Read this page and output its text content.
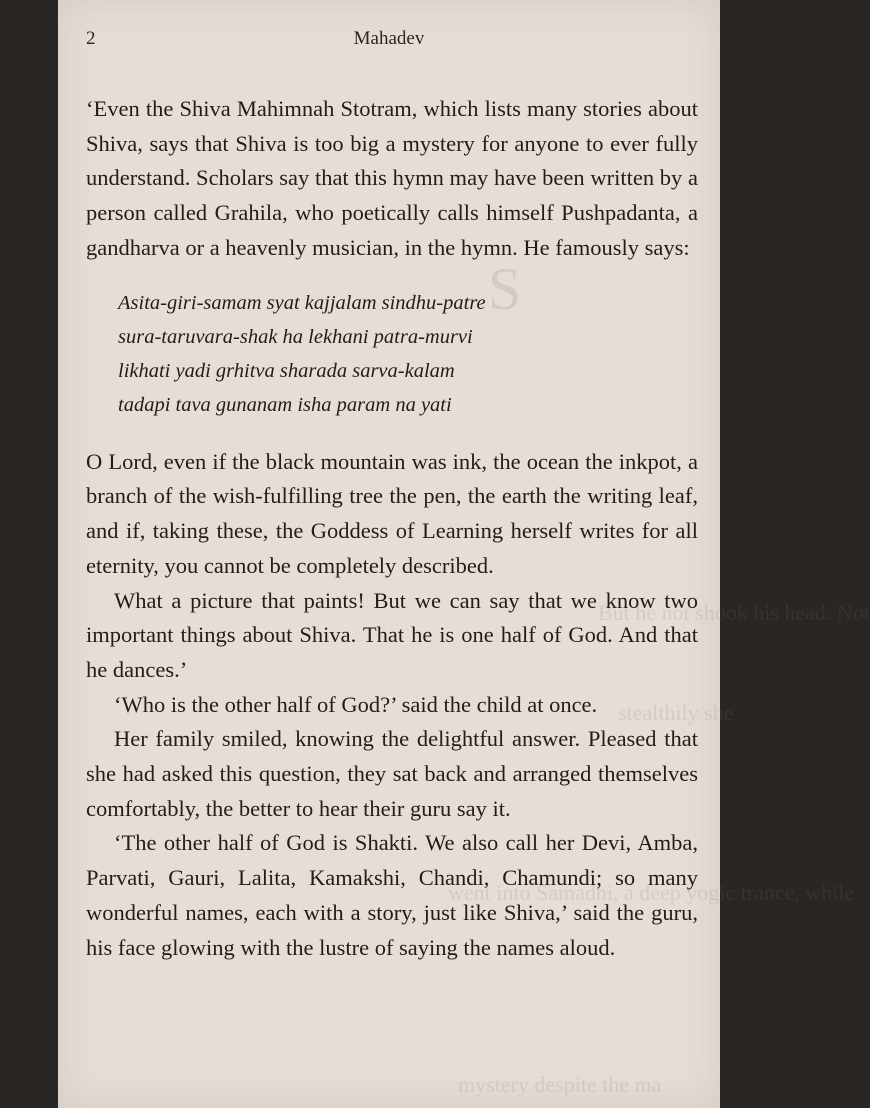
S
But he not shook his head. Not
stealthily she
went into Samadhi, a deep yogic trance, while
mystery despite the ma
2	Mahadev

‘Even the Shiva Mahimnah Stotram, which lists many stories about Shiva, says that Shiva is too big a mystery for anyone to ever fully understand. Scholars say that this hymn may have been written by a person called Grahila, who poetically calls himself Pushpadanta, a gandharva or a heavenly musician, in the hymn. He famously says:

Asita-giri-samam syat kajjalam sindhu-patre
sura-taruvara-shak ha lekhani patra-murvi
likhati yadi grhitva sharada sarva-kalam
tadapi tava gunanam isha param na yati

O Lord, even if the black mountain was ink, the ocean the inkpot, a branch of the wish-fulfilling tree the pen, the earth the writing leaf, and if, taking these, the Goddess of Learning herself writes for all eternity, you cannot be completely described.

What a picture that paints! But we can say that we know two important things about Shiva. That he is one half of God. And that he dances.’

‘Who is the other half of God?’ said the child at once.

Her family smiled, knowing the delightful answer. Pleased that she had asked this question, they sat back and arranged themselves comfortably, the better to hear their guru say it.

‘The other half of God is Shakti. We also call her Devi, Amba, Parvati, Gauri, Lalita, Kamakshi, Chandi, Chamundi; so many wonderful names, each with a story, just like Shiva,’ said the guru, his face glowing with the lustre of saying the names aloud.
